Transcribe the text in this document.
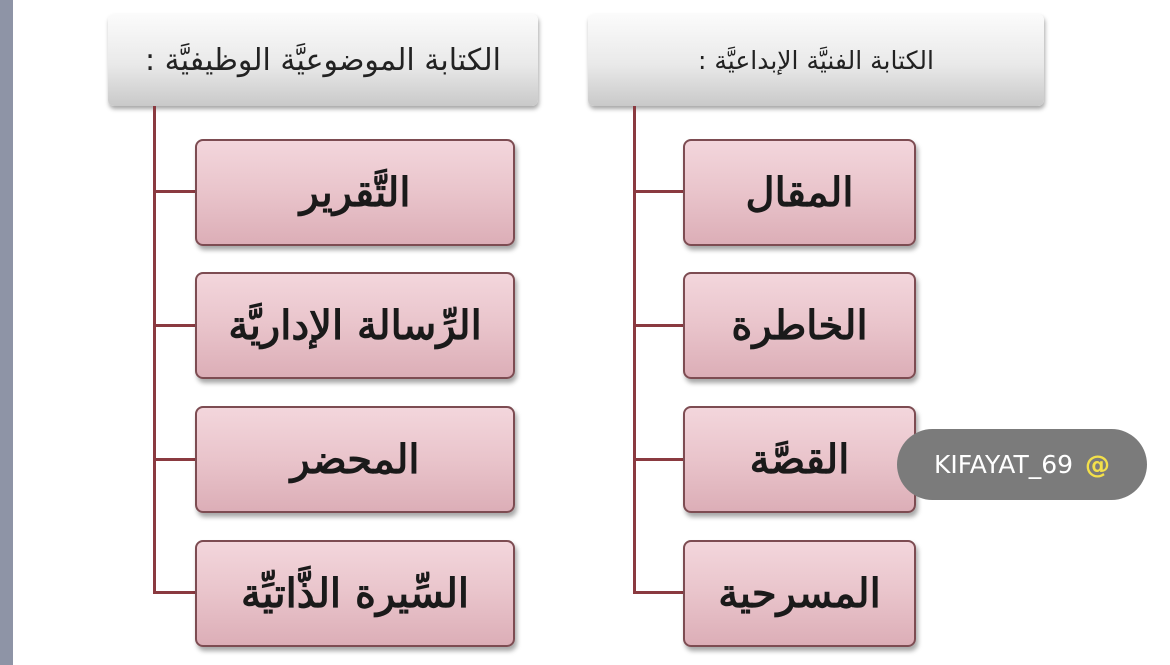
الكتابة الموضوعيَّة الوظيفيَّة :	الكتابة الفنيَّة الإبداعيَّة :
التَّقرير
الرِّسالة الإداريَّة
المحضر
السِّيرة الذَّاتيِّة
المقال
الخاطرة
القصَّة
المسرحية
KIFAYAT_69 @
